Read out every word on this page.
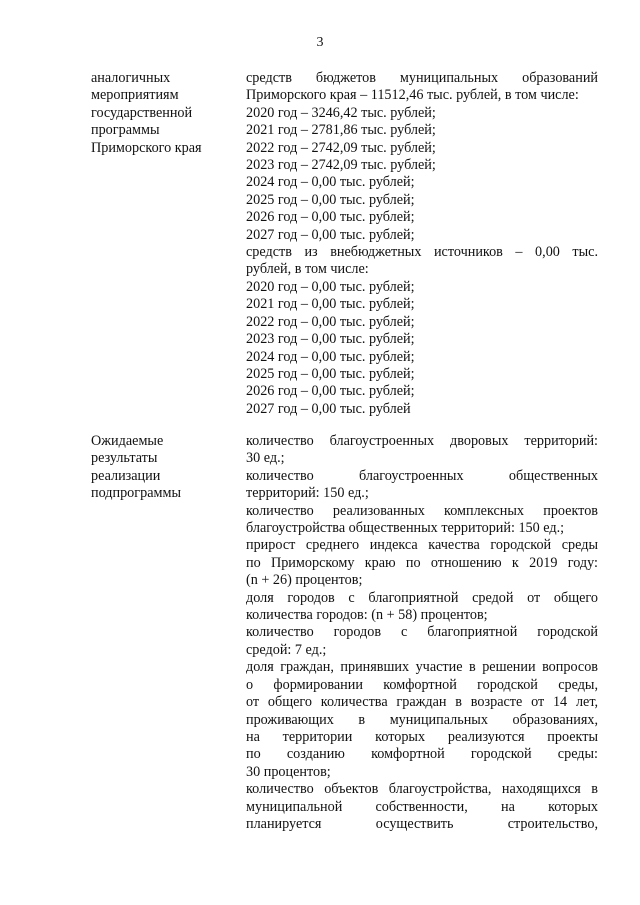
3
аналогичных
мероприятиям
государственной
программы
Приморского края
средств бюджетов муниципальных образований
Приморского края – 11512,46 тыс. рублей, в том числе:
2020 год – 3246,42 тыс. рублей;
2021 год – 2781,86 тыс. рублей;
2022 год – 2742,09 тыс. рублей;
2023 год – 2742,09 тыс. рублей;
2024 год – 0,00 тыс. рублей;
2025 год – 0,00 тыс. рублей;
2026 год – 0,00 тыс. рублей;
2027 год – 0,00 тыс. рублей;
средств из внебюджетных источников – 0,00 тыс.
рублей, в том числе:
2020 год – 0,00 тыс. рублей;
2021 год – 0,00 тыс. рублей;
2022 год – 0,00 тыс. рублей;
2023 год – 0,00 тыс. рублей;
2024 год – 0,00 тыс. рублей;
2025 год – 0,00 тыс. рублей;
2026 год – 0,00 тыс. рублей;
2027 год – 0,00 тыс. рублей
Ожидаемые
результаты
реализации
подпрограммы
количество благоустроенных дворовых территорий:
30 ед.;
количество благоустроенных общественных
территорий: 150 ед.;
количество реализованных комплексных проектов
благоустройства общественных территорий: 150 ед.;
прирост среднего индекса качества городской среды
по Приморскому краю по отношению к 2019 году:
(n + 26) процентов;
доля городов с благоприятной средой от общего
количества городов: (n + 58) процентов;
количество городов с благоприятной городской
средой: 7 ед.;
доля граждан, принявших участие в решении вопросов
о формировании комфортной городской среды,
от общего количества граждан в возрасте от 14 лет,
проживающих в муниципальных образованиях,
на территории которых реализуются проекты
по созданию комфортной городской среды:
30 процентов;
количество объектов благоустройства, находящихся в
муниципальной собственности, на которых
планируется осуществить строительство,
